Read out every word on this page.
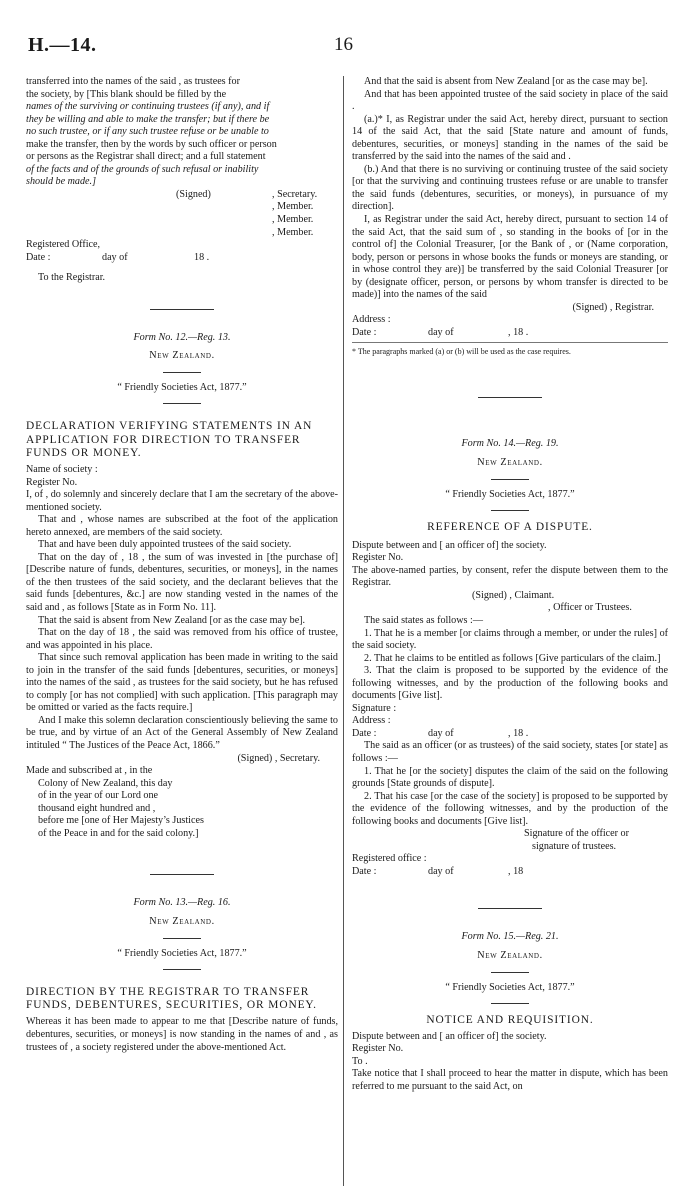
H.—14.	16

transferred into the names of the said , as trustees for

the society, by [This blank should be filled by the

names of the surviving or continuing trustees (if any), and if

they be willing and able to make the transfer; but if there be

no such trustee, or if any such trustee refuse or be unable to

make the transfer, then by the words by such officer or person

or persons as the Registrar shall direct; and a full statement

of the facts and of the grounds of such refusal or inability

should be made.]

(Signed)	, Secretary.
, Member.
, Member.
, Member.

Registered Office,

Date :	day of	18 .

To the Registrar.

Form No. 12.—Reg. 13.

New Zealand.

“ Friendly Societies Act, 1877.”

DECLARATION VERIFYING STATEMENTS IN AN APPLICATION FOR DIRECTION TO TRANSFER FUNDS OR MONEY.

Name of society :

Register No.

I, of , do solemnly and sincerely declare that I am the secretary of the above-mentioned society.

That and , whose names are subscribed at the foot of the application hereto annexed, are members of the said society.

That and have been duly appointed trustees of the said society.

That on the day of , 18 , the sum of was invested in [the purchase of] [Describe nature of funds, debentures, securities, or moneys], in the names of the then trustees of the said society, and the declarant believes that the said funds [debentures, &c.] are now standing vested in the names of the said and , as follows [State as in Form No. 11].

That the said is absent from New Zealand [or as the case may be].

That on the day of 18 , the said was removed from his office of trustee, and was appointed in his place.

That since such removal application has been made in writing to the said to join in the transfer of the said funds [debentures, securities, or moneys] into the names of the said , as trustees for the said society, but he has refused to comply [or has not complied] with such application. [This paragraph may be omitted or varied as the facts require.]

And I make this solemn declaration conscientiously believing the same to be true, and by virtue of an Act of the General Assembly of New Zealand intituled “ The Justices of the Peace Act, 1866.”

(Signed) , Secretary.

Made and subscribed at , in the

Colony of New Zealand, this day

of in the year of our Lord one

thousand eight hundred and ,

before me [one of Her Majesty’s Justices

of the Peace in and for the said colony.]

Form No. 13.—Reg. 16.

New Zealand.

“ Friendly Societies Act, 1877.”

DIRECTION BY THE REGISTRAR TO TRANSFER FUNDS, DEBENTURES, SECURITIES, OR MONEY.

Whereas it has been made to appear to me that [Describe nature of funds, debentures, securities, or moneys] is now standing in the names of and , as trustees of , a society registered under the above-mentioned Act.

And that the said is absent from New Zealand [or as the case may be].

And that has been appointed trustee of the said society in place of the said .

(a.)* I, as Registrar under the said Act, hereby direct, pursuant to section 14 of the said Act, that the said [State nature and amount of funds, debentures, securities, or moneys] standing in the names of the said be transferred by the said into the names of the said and .

(b.) And that there is no surviving or continuing trustee of the said society [or that the surviving and continuing trustees refuse or are unable to transfer the said funds (debentures, securities, or moneys), in pursuance of my direction].

I, as Registrar under the said Act, hereby direct, pursuant to section 14 of the said Act, that the said sum of , so standing in the books of [or in the control of] the Colonial Treasurer, [or the Bank of , or (Name corporation, body, person or persons in whose books the funds or moneys are standing, or in whose control they are)] be transferred by the said Colonial Treasurer [or by (designate officer, person, or persons by whom transfer is directed to be made)] into the names of the said

(Signed) , Registrar.

Address :

Date :	day of	, 18 .

* The paragraphs marked (a) or (b) will be used as the case requires.

Form No. 14.—Reg. 19.

New Zealand.

“ Friendly Societies Act, 1877.”

REFERENCE OF A DISPUTE.

Dispute between and [ an officer of] the society.

Register No.

The above-named parties, by consent, refer the dispute between them to the Registrar.

(Signed) , Claimant.

, Officer or Trustees.

The said states as follows :—

1. That he is a member [or claims through a member, or under the rules] of the said society.

2. That he claims to be entitled as follows [Give particulars of the claim.]

3. That the claim is proposed to be supported by the evidence of the following witnesses, and by the production of the following books and documents [Give list].

Signature :

Address :

Date :	day of	, 18 .

The said as an officer (or as trustees) of the said society, states [or state] as follows :—

1. That he [or the society] disputes the claim of the said on the following grounds [State grounds of dispute].

2. That his case [or the case of the society] is proposed to be supported by the evidence of the following witnesses, and by the production of the following books and documents [Give list].

Signature of the officer or

signature of trustees.

Registered office :

Date :	day of	, 18

Form No. 15.—Reg. 21.

New Zealand.

“ Friendly Societies Act, 1877.”

NOTICE AND REQUISITION.

Dispute between and [ an officer of] the society.

Register No.

To .

Take notice that I shall proceed to hear the matter in dispute, which has been referred to me pursuant to the said Act, on
